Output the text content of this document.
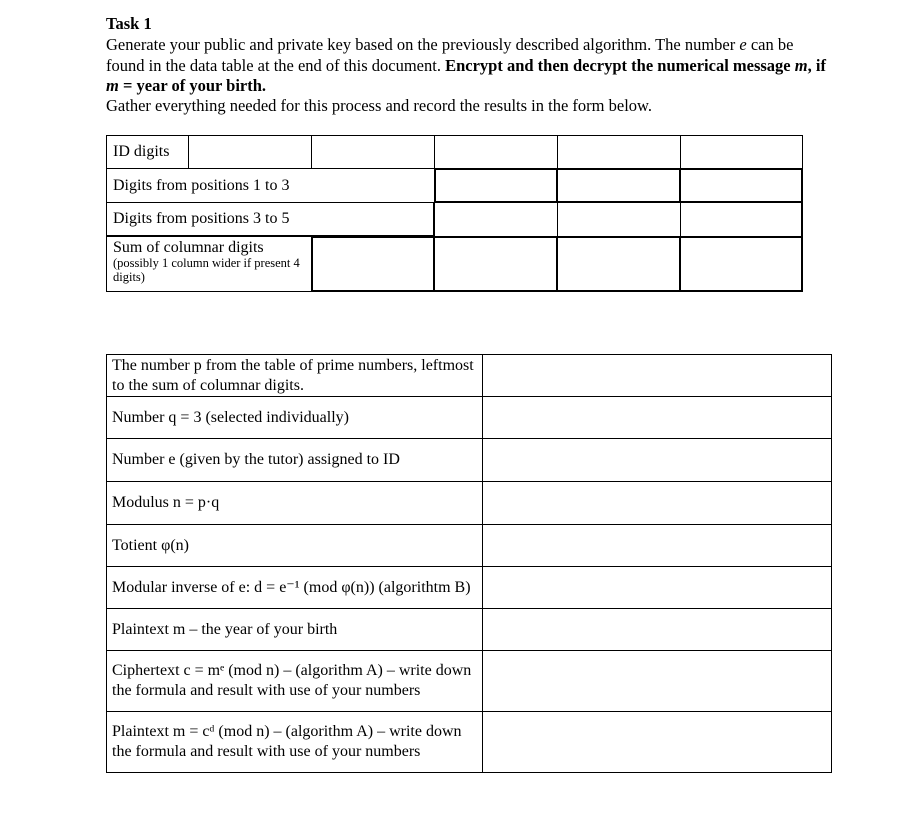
Task 1
Generate your public and private key based on the previously described algorithm. The number e can be found in the data table at the end of this document. Encrypt and then decrypt the numerical message m, if m = year of your birth.
Gather everything needed for this process and record the results in the form below.
ID digits
Digits from positions 1 to 3
Digits from positions 3 to 5
Sum of columnar digits
(possibly 1 column wider if present 4 digits)
The number p from the table of prime numbers, leftmost to the sum of columnar digits.	
Number q = 3 (selected individually)	
Number e (given by the tutor) assigned to ID	
Modulus n = p·q	
Totient φ(n)	
Modular inverse of e: d = e⁻¹ (mod φ(n)) (algorithtm B)	
Plaintext m – the year of your birth	
Ciphertext c = mᵉ (mod n) – (algorithm A) – write down the formula and result with use of your numbers	
Plaintext m = cᵈ (mod n) – (algorithm A) – write down the formula and result with use of your numbers	
